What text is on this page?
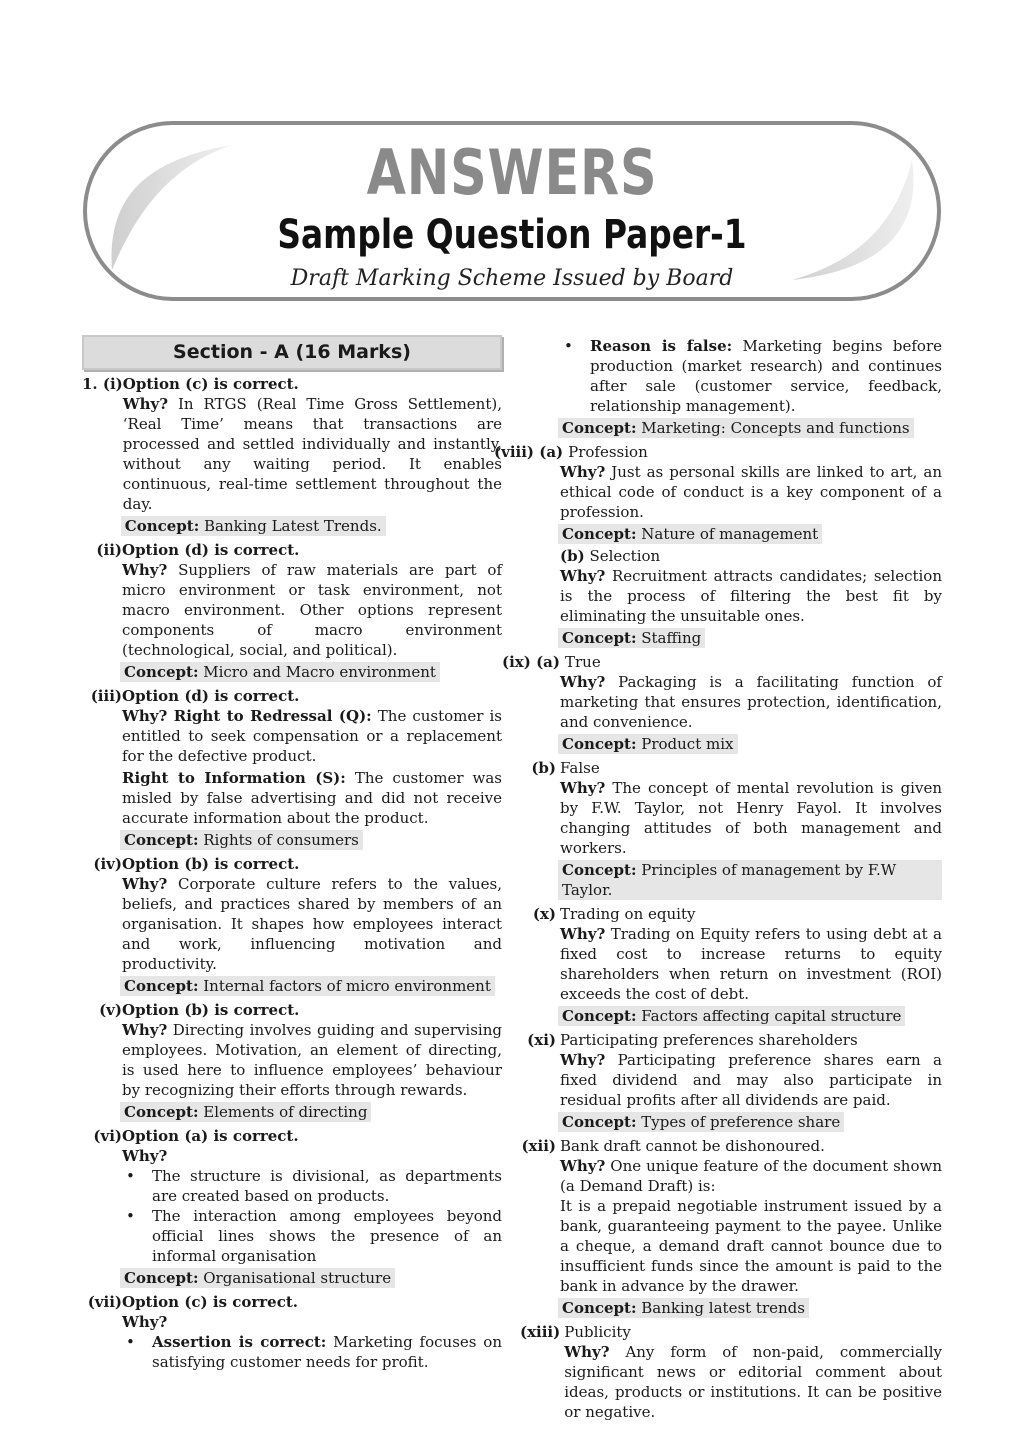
ANSWERS
Sample Question Paper-1
Draft Marking Scheme Issued by Board
Section - A (16 Marks)
1. (i) Option (c) is correct.

Why? In RTGS (Real Time Gross Settlement), ‘Real Time’ means that transactions are processed and settled individually and instantly, without any waiting period. It enables continuous, real-time settlement throughout the day.

Concept: Banking Latest Trends.
(ii) Option (d) is correct.

Why? Suppliers of raw materials are part of micro environment or task environment, not macro environment. Other options represent components of macro environment (technological, social, and political).

Concept: Micro and Macro environment
(iii) Option (d) is correct.

Why? Right to Redressal (Q): The customer is entitled to seek compensation or a replacement for the defective product.

Right to Information (S): The customer was misled by false advertising and did not receive accurate information about the product.

Concept: Rights of consumers
(iv) Option (b) is correct.

Why? Corporate culture refers to the values, beliefs, and practices shared by members of an organisation. It shapes how employees interact and work, influencing motivation and productivity.

Concept: Internal factors of micro environment
(v) Option (b) is correct.

Why? Directing involves guiding and supervising employees. Motivation, an element of directing, is used here to influence employees’ behaviour by recognizing their efforts through rewards.

Concept: Elements of directing
(vi) Option (a) is correct.

Why?

•	The structure is divisional, as departments are created based on products.

•	The interaction among employees beyond official lines shows the presence of an informal organisation

Concept: Organisational structure
(vii) Option (c) is correct.

Why?

•	Assertion is correct: Marketing focuses on satisfying customer needs for profit.

•	Reason is false: Marketing begins before production (market research) and continues after sale (customer service, feedback, relationship management).

Concept: Marketing: Concepts and functions
(viii) (a) Profession

Why? Just as personal skills are linked to art, an ethical code of conduct is a key component of a profession.

Concept: Nature of management

(b) Selection

Why? Recruitment attracts candidates; selection is the process of filtering the best fit by eliminating the unsuitable ones.

Concept: Staffing
(ix) (a) True

Why? Packaging is a facilitating function of marketing that ensures protection, identification, and convenience.

Concept: Product mix
(b) False

Why? The concept of mental revolution is given by F.W. Taylor, not Henry Fayol. It involves changing attitudes of both management and workers.

Concept: Principles of management by F.W Taylor.
(x) Trading on equity

Why? Trading on Equity refers to using debt at a fixed cost to increase returns to equity shareholders when return on investment (ROI) exceeds the cost of debt.

Concept: Factors affecting capital structure
(xi) Participating preferences shareholders

Why? Participating preference shares earn a fixed dividend and may also participate in residual profits after all dividends are paid.

Concept: Types of preference share
(xii) Bank draft cannot be dishonoured.

Why? One unique feature of the document shown (a Demand Draft) is:

It is a prepaid negotiable instrument issued by a bank, guaranteeing payment to the payee. Unlike a cheque, a demand draft cannot bounce due to insufficient funds since the amount is paid to the bank in advance by the drawer.

Concept: Banking latest trends
(xiii) Publicity

Why? Any form of non-paid, commercially significant news or editorial comment about ideas, products or institutions. It can be positive or negative.
